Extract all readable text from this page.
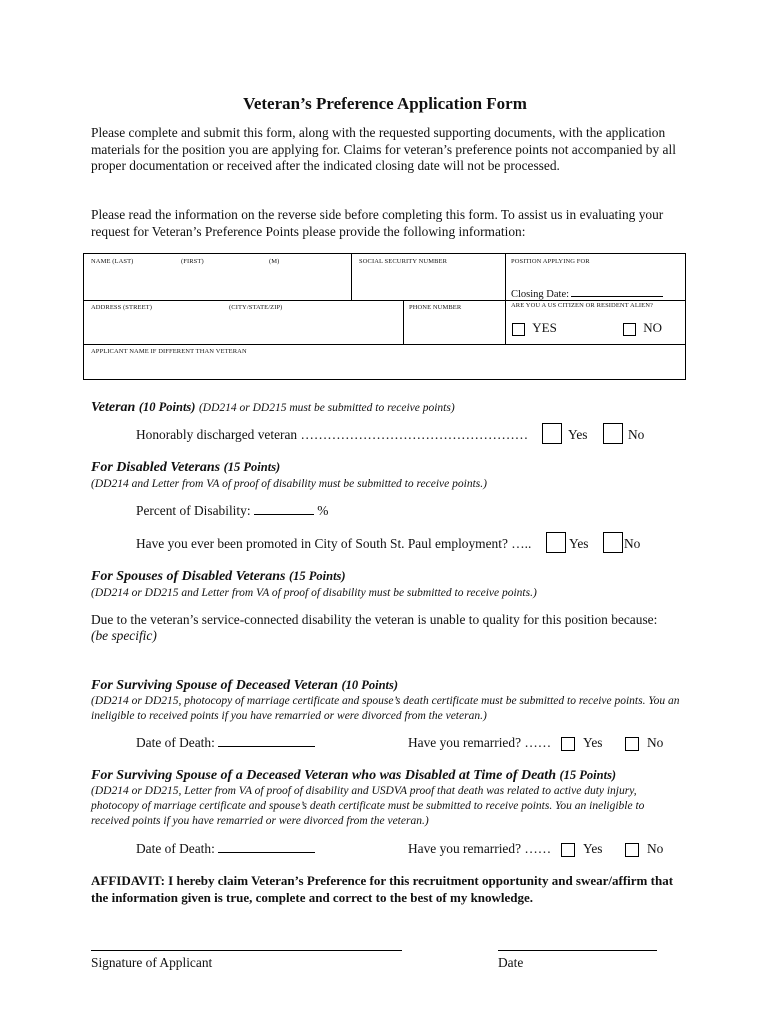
Veteran’s Preference Application Form

Please complete and submit this form, along with the requested supporting documents, with the application materials for the position you are applying for. Claims for veteran’s preference points not accompanied by all proper documentation or received after the indicated closing date will not be processed.

Please read the information on the reverse side before completing this form. To assist us in evaluating your request for Veteran’s Preference Points please provide the following information:

NAME (LAST)	(FIRST)	(M)	SOCIAL SECURITY NUMBER	POSITION APPLYING FOR
Closing Date:
ADDRESS (STREET)	(CITY/STATE/ZIP)	PHONE NUMBER	ARE YOU A US CITIZEN OR RESIDENT ALIEN?
YES	NO
APPLICANT NAME IF DIFFERENT THAN VETERAN
Veteran (10 Points) (DD214 or DD215 must be submitted to receive points)
Honorably discharged veteran ……………………………………………	Yes	No
For Disabled Veterans (15 Points)
(DD214 and Letter from VA of proof of disability must be submitted to receive points.)
Percent of Disability:	%
Have you ever been promoted in City of South St. Paul employment? …..	Yes	No
For Spouses of Disabled Veterans (15 Points)
(DD214 or DD215 and Letter from VA of proof of disability must be submitted to receive points.)
Due to the veteran’s service-connected disability the veteran is unable to quality for this position because:
(be specific)
For Surviving Spouse of Deceased Veteran (10 Points)
(DD214 or DD215, photocopy of marriage certificate and spouse’s death certificate must be submitted to receive points. You an ineligible to received points if you have remarried or were divorced from the veteran.)
Date of Death:	Have you remarried? …… Yes	No
For Surviving Spouse of a Deceased Veteran who was Disabled at Time of Death (15 Points)
(DD214 or DD215, Letter from VA of proof of disability and USDVA proof that death was related to active duty injury, photocopy of marriage certificate and spouse’s death certificate must be submitted to receive points. You an ineligible to received points if you have remarried or were divorced from the veteran.)
Date of Death:	Have you remarried? …… Yes	No
AFFIDAVIT: I hereby claim Veteran’s Preference for this recruitment opportunity and swear/affirm that the information given is true, complete and correct to the best of my knowledge.
Signature of Applicant	Date
